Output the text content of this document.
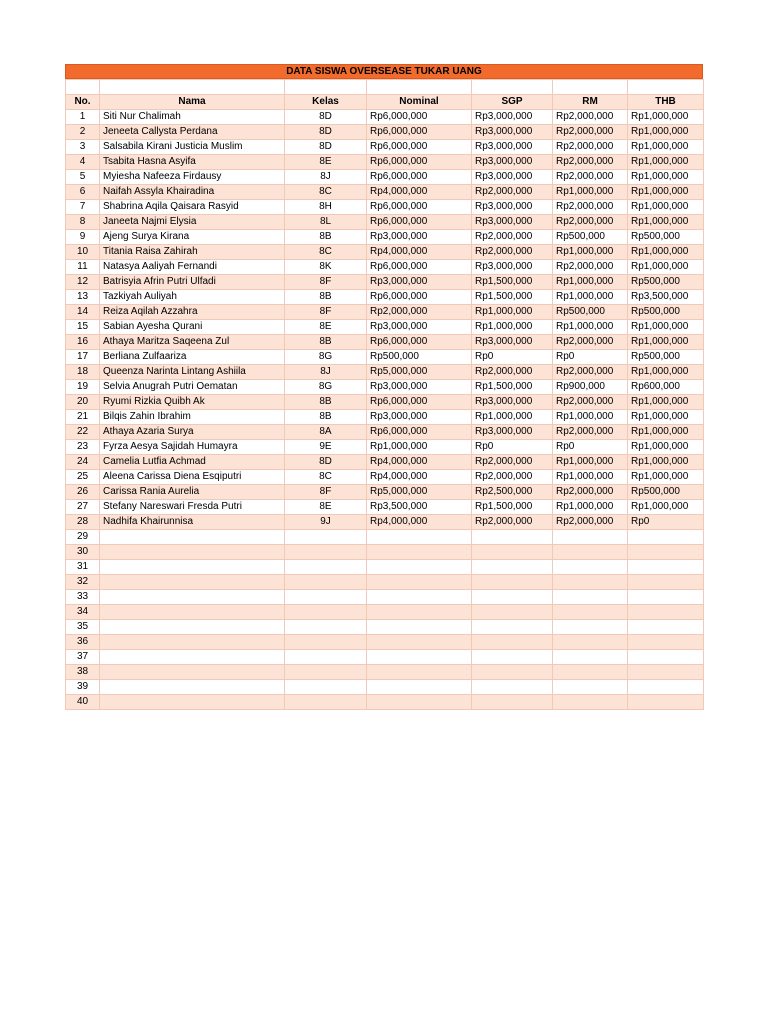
DATA SISWA OVERSEASE TUKAR UANG

No.	Nama	Kelas	Nominal	SGP	RM	THB
1	Siti Nur Chalimah	8D	Rp6,000,000	Rp3,000,000	Rp2,000,000	Rp1,000,000
2	Jeneeta Callysta Perdana	8D	Rp6,000,000	Rp3,000,000	Rp2,000,000	Rp1,000,000
3	Salsabila Kirani Justicia Muslim	8D	Rp6,000,000	Rp3,000,000	Rp2,000,000	Rp1,000,000
4	Tsabita Hasna Asyifa	8E	Rp6,000,000	Rp3,000,000	Rp2,000,000	Rp1,000,000
5	Myiesha Nafeeza Firdausy	8J	Rp6,000,000	Rp3,000,000	Rp2,000,000	Rp1,000,000
6	Naifah Assyla Khairadina	8C	Rp4,000,000	Rp2,000,000	Rp1,000,000	Rp1,000,000
7	Shabrina Aqila Qaisara Rasyid	8H	Rp6,000,000	Rp3,000,000	Rp2,000,000	Rp1,000,000
8	Janeeta Najmi Elysia	8L	Rp6,000,000	Rp3,000,000	Rp2,000,000	Rp1,000,000
9	Ajeng Surya Kirana	8B	Rp3,000,000	Rp2,000,000	Rp500,000	Rp500,000
10	Titania Raisa Zahirah	8C	Rp4,000,000	Rp2,000,000	Rp1,000,000	Rp1,000,000
11	Natasya Aaliyah Fernandi	8K	Rp6,000,000	Rp3,000,000	Rp2,000,000	Rp1,000,000
12	Batrisyia Afrin Putri Ulfadi	8F	Rp3,000,000	Rp1,500,000	Rp1,000,000	Rp500,000
13	Tazkiyah Auliyah	8B	Rp6,000,000	Rp1,500,000	Rp1,000,000	Rp3,500,000
14	Reiza Aqilah Azzahra	8F	Rp2,000,000	Rp1,000,000	Rp500,000	Rp500,000
15	Sabian Ayesha Qurani	8E	Rp3,000,000	Rp1,000,000	Rp1,000,000	Rp1,000,000
16	Athaya Maritza Saqeena Zul	8B	Rp6,000,000	Rp3,000,000	Rp2,000,000	Rp1,000,000
17	Berliana Zulfaariza	8G	Rp500,000	Rp0	Rp0	Rp500,000
18	Queenza Narinta Lintang Ashiila	8J	Rp5,000,000	Rp2,000,000	Rp2,000,000	Rp1,000,000
19	Selvia Anugrah Putri Oematan	8G	Rp3,000,000	Rp1,500,000	Rp900,000	Rp600,000
20	Ryumi Rizkia Quibh Ak	8B	Rp6,000,000	Rp3,000,000	Rp2,000,000	Rp1,000,000
21	Bilqis Zahin Ibrahim	8B	Rp3,000,000	Rp1,000,000	Rp1,000,000	Rp1,000,000
22	Athaya Azaria Surya	8A	Rp6,000,000	Rp3,000,000	Rp2,000,000	Rp1,000,000
23	Fyrza Aesya Sajidah Humayra	9E	Rp1,000,000	Rp0	Rp0	Rp1,000,000
24	Camelia Lutfia Achmad	8D	Rp4,000,000	Rp2,000,000	Rp1,000,000	Rp1,000,000
25	Aleena Carissa Diena Esqiputri	8C	Rp4,000,000	Rp2,000,000	Rp1,000,000	Rp1,000,000
26	Carissa Rania Aurelia	8F	Rp5,000,000	Rp2,500,000	Rp2,000,000	Rp500,000
27	Stefany Nareswari Fresda Putri	8E	Rp3,500,000	Rp1,500,000	Rp1,000,000	Rp1,000,000
28	Nadhifa Khairunnisa	9J	Rp4,000,000	Rp2,000,000	Rp2,000,000	Rp0
29						
30						
31						
32						
33						
34						
35						
36						
37						
38						
39						
40						
